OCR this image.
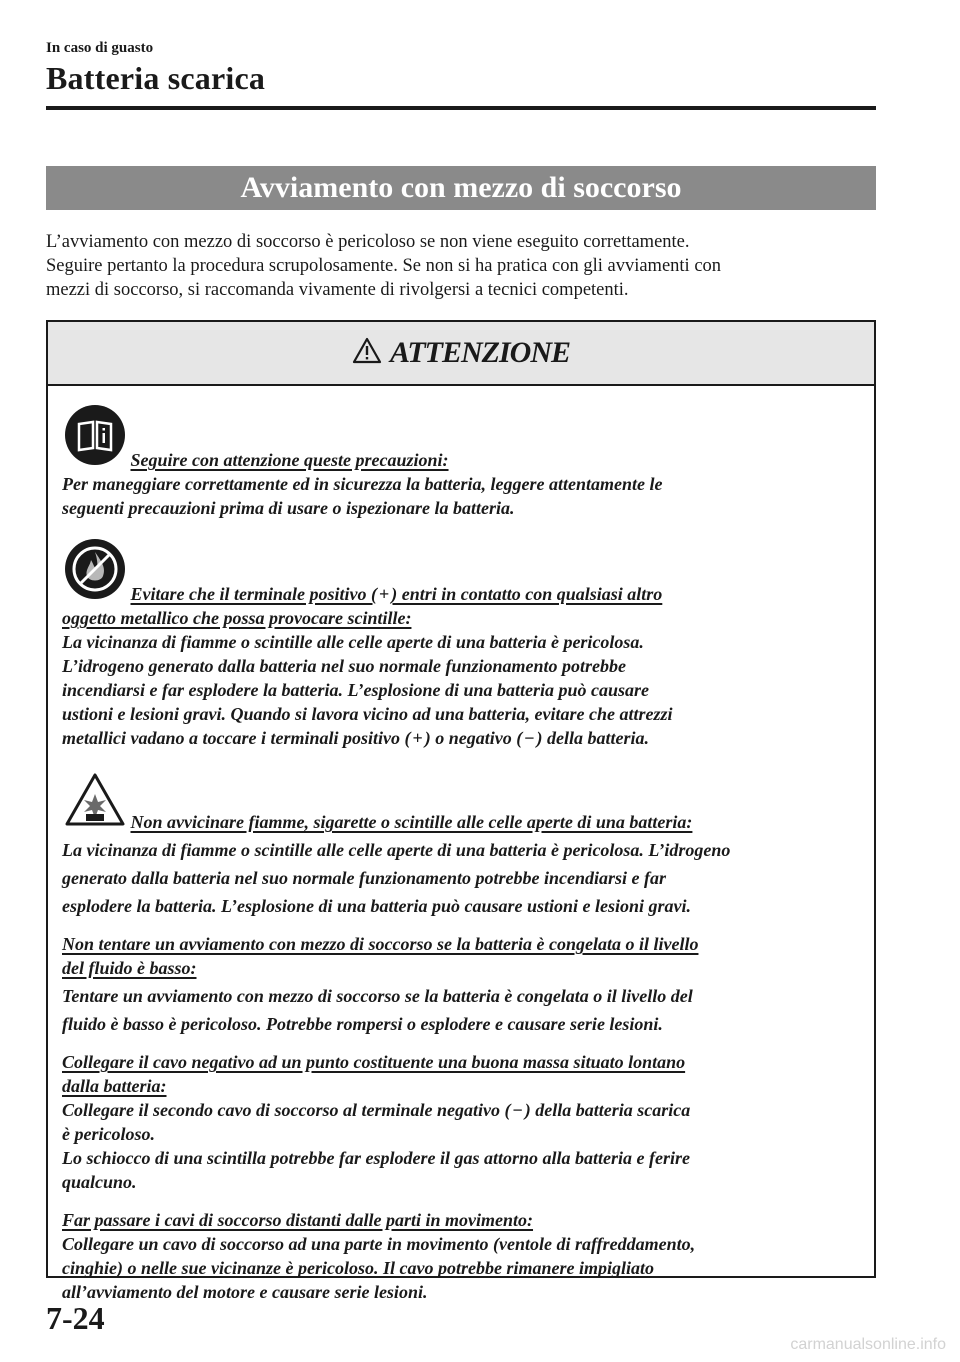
In caso di guasto
Batteria scarica
Avviamento con mezzo di soccorso
L’avviamento con mezzo di soccorso è pericoloso se non viene eseguito correttamente.
Seguire pertanto la procedura scrupolosamente. Se non si ha pratica con gli avviamenti con
mezzi di soccorso, si raccomanda vivamente di rivolgersi a tecnici competenti.
ATTENZIONE
Seguire con attenzione queste precauzioni:
Per maneggiare correttamente ed in sicurezza la batteria, leggere attentamente le
seguenti precauzioni prima di usare o ispezionare la batteria.
Evitare che il terminale positivo ( + ) entri in contatto con qualsiasi altro
oggetto metallico che possa provocare scintille:
La vicinanza di fiamme o scintille alle celle aperte di una batteria è pericolosa.
L’idrogeno generato dalla batteria nel suo normale funzionamento potrebbe
incendiarsi e far esplodere la batteria. L’esplosione di una batteria può causare
ustioni e lesioni gravi. Quando si lavora vicino ad una batteria, evitare che attrezzi
metallici vadano a toccare i terminali positivo ( + ) o negativo ( − ) della batteria.
Non avvicinare fiamme, sigarette o scintille alle celle aperte di una batteria:
La vicinanza di fiamme o scintille alle celle aperte di una batteria è pericolosa. L’idrogeno
generato dalla batteria nel suo normale funzionamento potrebbe incendiarsi e far
esplodere la batteria. L’esplosione di una batteria può causare ustioni e lesioni gravi.
Non tentare un avviamento con mezzo di soccorso se la batteria è congelata o il livello
del fluido è basso:
Tentare un avviamento con mezzo di soccorso se la batteria è congelata o il livello del
fluido è basso è pericoloso. Potrebbe rompersi o esplodere e causare serie lesioni.
Collegare il cavo negativo ad un punto costituente una buona massa situato lontano
dalla batteria:
Collegare il secondo cavo di soccorso al terminale negativo ( − ) della batteria scarica
è pericoloso.
Lo schiocco di una scintilla potrebbe far esplodere il gas attorno alla batteria e ferire
qualcuno.
Far passare i cavi di soccorso distanti dalle parti in movimento:
Collegare un cavo di soccorso ad una parte in movimento (ventole di raffreddamento,
cinghie) o nelle sue vicinanze è pericoloso. Il cavo potrebbe rimanere impigliato
all’avviamento del motore e causare serie lesioni.
7-24
carmanualsonline.info
